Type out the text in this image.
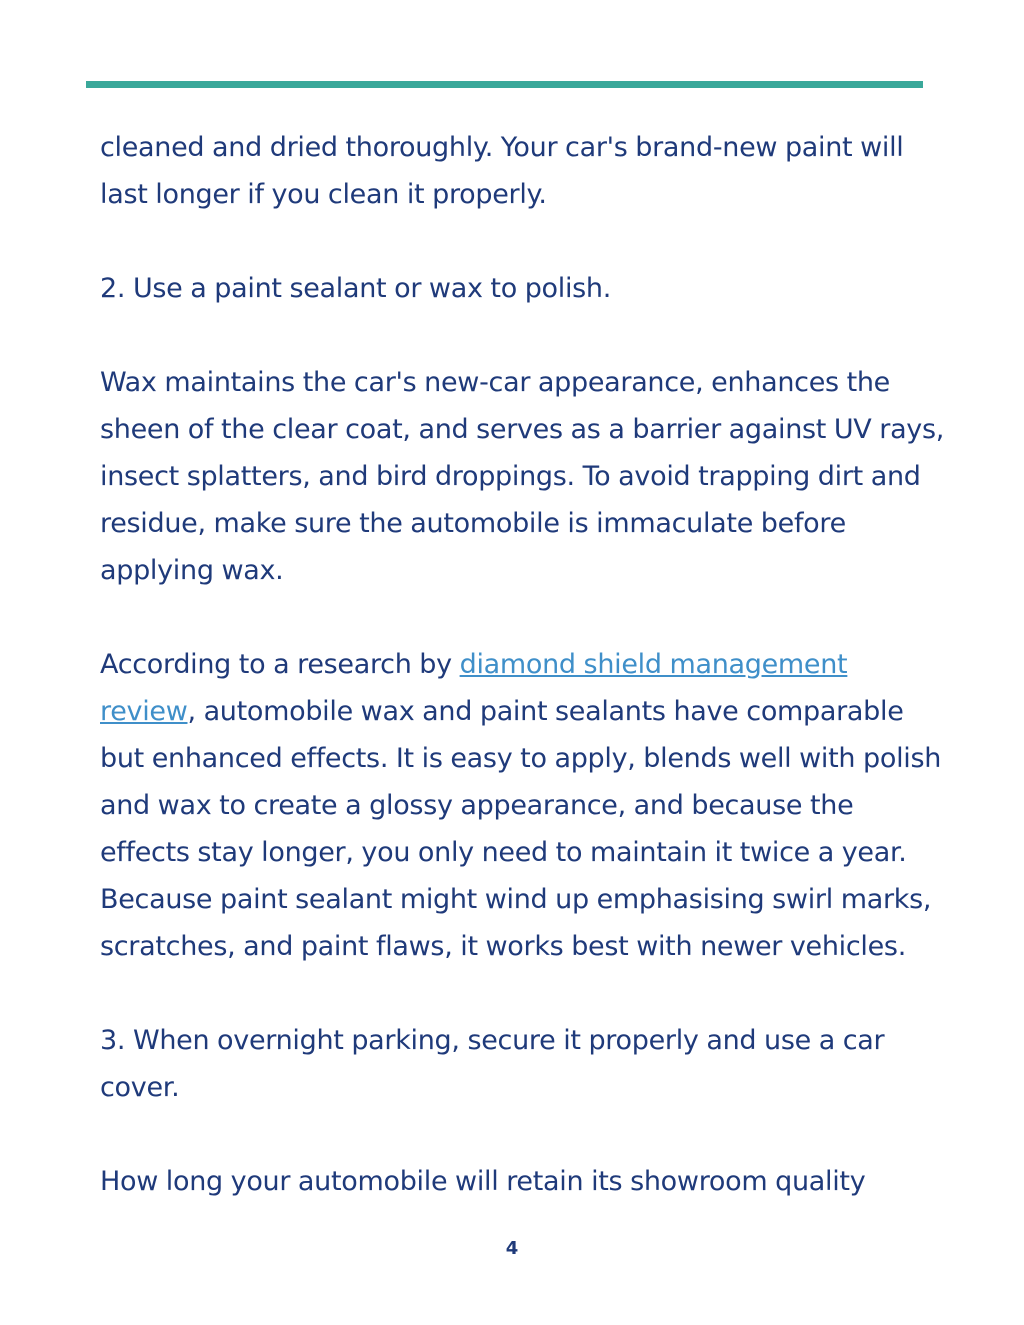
cleaned and dried thoroughly. Your car's brand-new paint will last longer if you clean it properly.

2. Use a paint sealant or wax to polish.

Wax maintains the car's new-car appearance, enhances the sheen of the clear coat, and serves as a barrier against UV rays, insect splatters, and bird droppings. To avoid trapping dirt and residue, make sure the automobile is immaculate before applying wax.

According to a research by diamond shield management review, automobile wax and paint sealants have comparable but enhanced effects. It is easy to apply, blends well with polish and wax to create a glossy appearance, and because the effects stay longer, you only need to maintain it twice a year. Because paint sealant might wind up emphasising swirl marks, scratches, and paint flaws, it works best with newer vehicles.

3. When overnight parking, secure it properly and use a car cover.

How long your automobile will retain its showroom quality

4
